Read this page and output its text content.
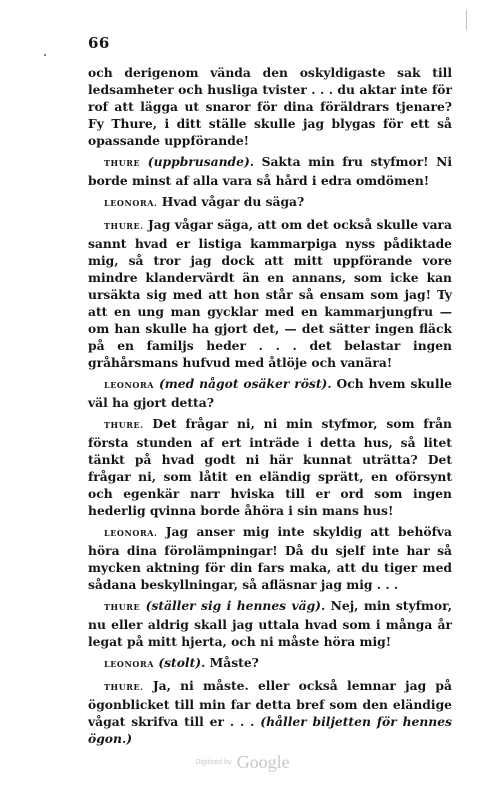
66

och derigenom vända den oskyldigaste sak till ledsamheter och husliga tvister . . . du aktar inte för rof att lägga ut snaror för dina föräldrars tjenare? Fy Thure, i ditt ställe skulle jag blygas för ett så opassande uppförande!

THURE (uppbrusande). Sakta min fru styfmor! Ni borde minst af alla vara så hård i edra omdömen!

LEONORA. Hvad vågar du säga?

THURE. Jag vågar säga, att om det också skulle vara sannt hvad er listiga kammarpiga nyss pådiktade mig, så tror jag dock att mitt uppförande vore mindre klandervärdt än en annans, som icke kan ursäkta sig med att hon står så ensam som jag! Ty att en ung man gycklar med en kammarjungfru — om han skulle ha gjort det, — det sätter ingen fläck på en familjs heder . . . det belastar ingen gråhårsmans hufvud med åtlöje och vanära!

LEONORA (med något osäker röst). Och hvem skulle väl ha gjort detta?

THURE. Det frågar ni, ni min styfmor, som från första stunden af ert inträde i detta hus, så litet tänkt på hvad godt ni här kunnat uträtta? Det frågar ni, som låtit en eländig sprätt, en oförsynt och egenkär narr hviska till er ord som ingen hederlig qvinna borde åhöra i sin mans hus!

LEONORA. Jag anser mig inte skyldig att behöfva höra dina förolämpningar! Då du sjelf inte har så mycken aktning för din fars maka, att du tiger med sådana beskyllningar, så afläsnar jag mig . . .

THURE (ställer sig i hennes väg). Nej, min styfmor, nu eller aldrig skall jag uttala hvad som i många år legat på mitt hjerta, och ni måste höra mig!

LEONORA (stolt). Måste?

THURE. Ja, ni måste. eller också lemnar jag på ögonblicket till min far detta bref som den eländige vågat skrifva till er . . . (håller biljetten för hennes ögon.)

Digitized by Google
